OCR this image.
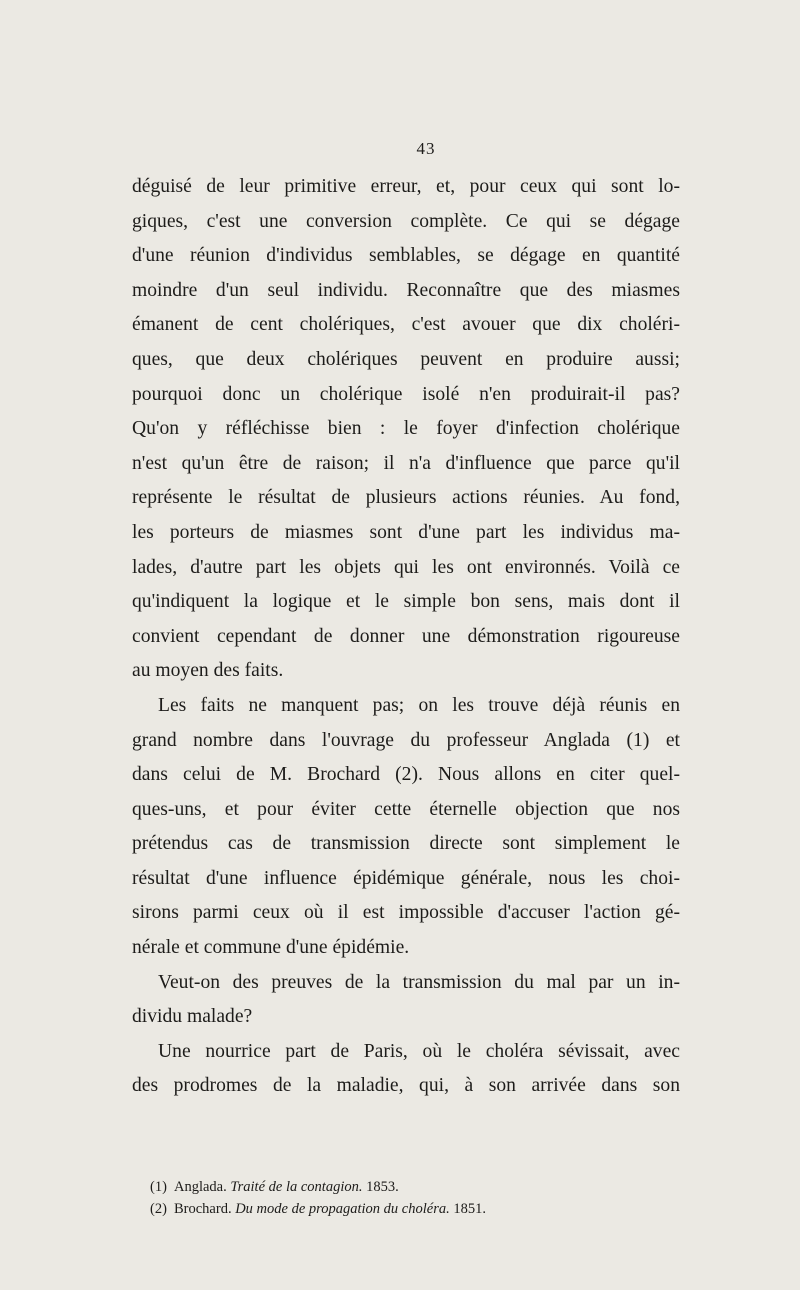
43
déguisé de leur primitive erreur, et, pour ceux qui sont lo-
giques, c'est une conversion complète. Ce qui se dégage
d'une réunion d'individus semblables, se dégage en quantité
moindre d'un seul individu. Reconnaître que des miasmes
émanent de cent cholériques, c'est avouer que dix choléri-
ques, que deux cholériques peuvent en produire aussi;
pourquoi donc un cholérique isolé n'en produirait-il pas?
Qu'on y réfléchisse bien : le foyer d'infection cholérique
n'est qu'un être de raison; il n'a d'influence que parce qu'il
représente le résultat de plusieurs actions réunies. Au fond,
les porteurs de miasmes sont d'une part les individus ma-
lades, d'autre part les objets qui les ont environnés. Voilà ce
qu'indiquent la logique et le simple bon sens, mais dont il
convient cependant de donner une démonstration rigoureuse
au moyen des faits.
Les faits ne manquent pas; on les trouve déjà réunis en
grand nombre dans l'ouvrage du professeur Anglada (1) et
dans celui de M. Brochard (2). Nous allons en citer quel-
ques-uns, et pour éviter cette éternelle objection que nos
prétendus cas de transmission directe sont simplement le
résultat d'une influence épidémique générale, nous les choi-
sirons parmi ceux où il est impossible d'accuser l'action gé-
nérale et commune d'une épidémie.
Veut-on des preuves de la transmission du mal par un in-
dividu malade?
Une nourrice part de Paris, où le choléra sévissait, avec
des prodromes de la maladie, qui, à son arrivée dans son
(1) Anglada. Traité de la contagion. 1853.
(2) Brochard. Du mode de propagation du choléra. 1851.
